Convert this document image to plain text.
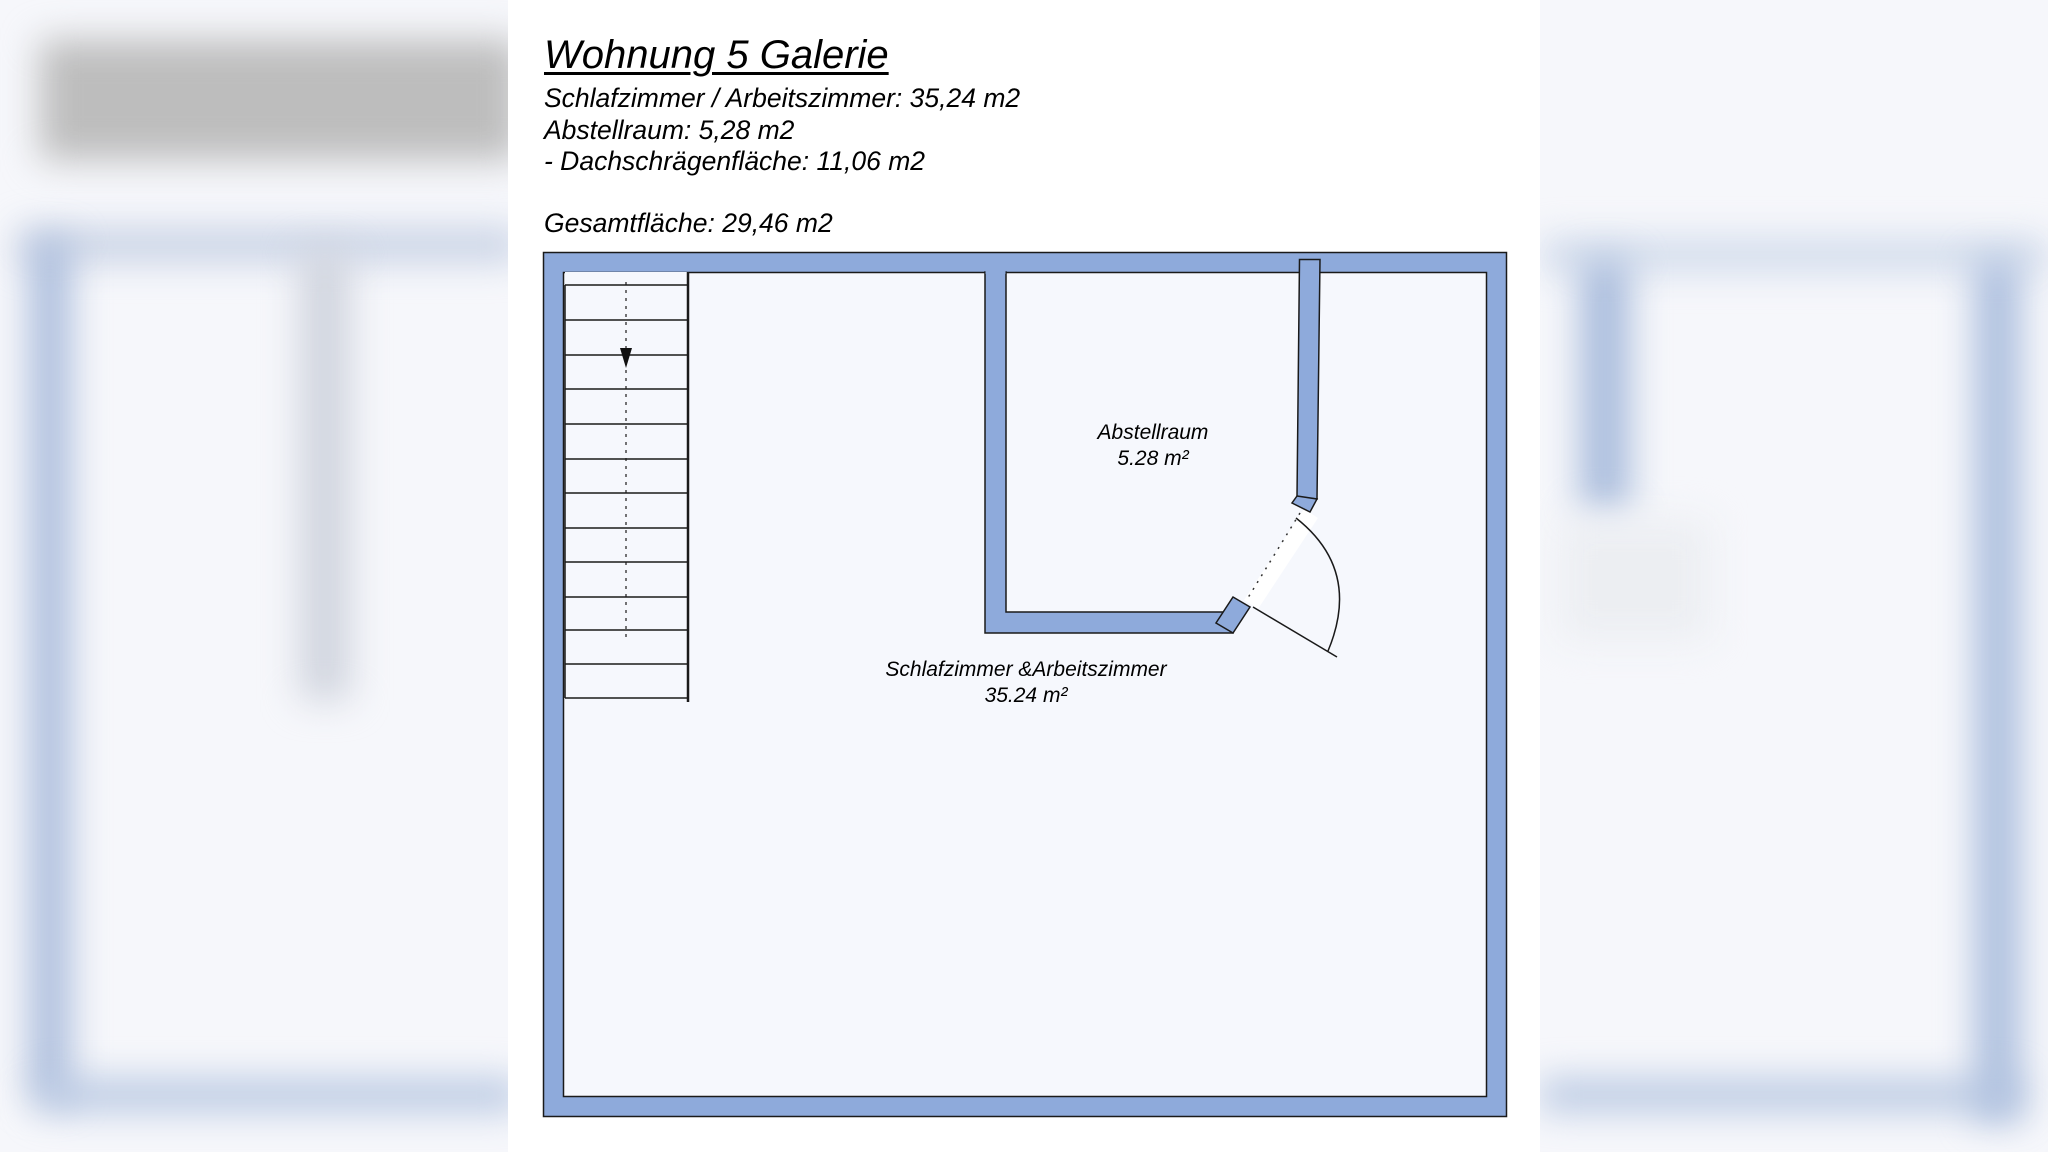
Wohnung 5 Galerie
Schlafzimmer / Arbeitszimmer: 35,24 m2
Abstellraum: 5,28 m2
- Dachschrägenfläche: 11,06 m2
Gesamtfläche: 29,46 m2
Abstellraum
5.28 m²
Schlafzimmer &Arbeitszimmer
35.24 m²
